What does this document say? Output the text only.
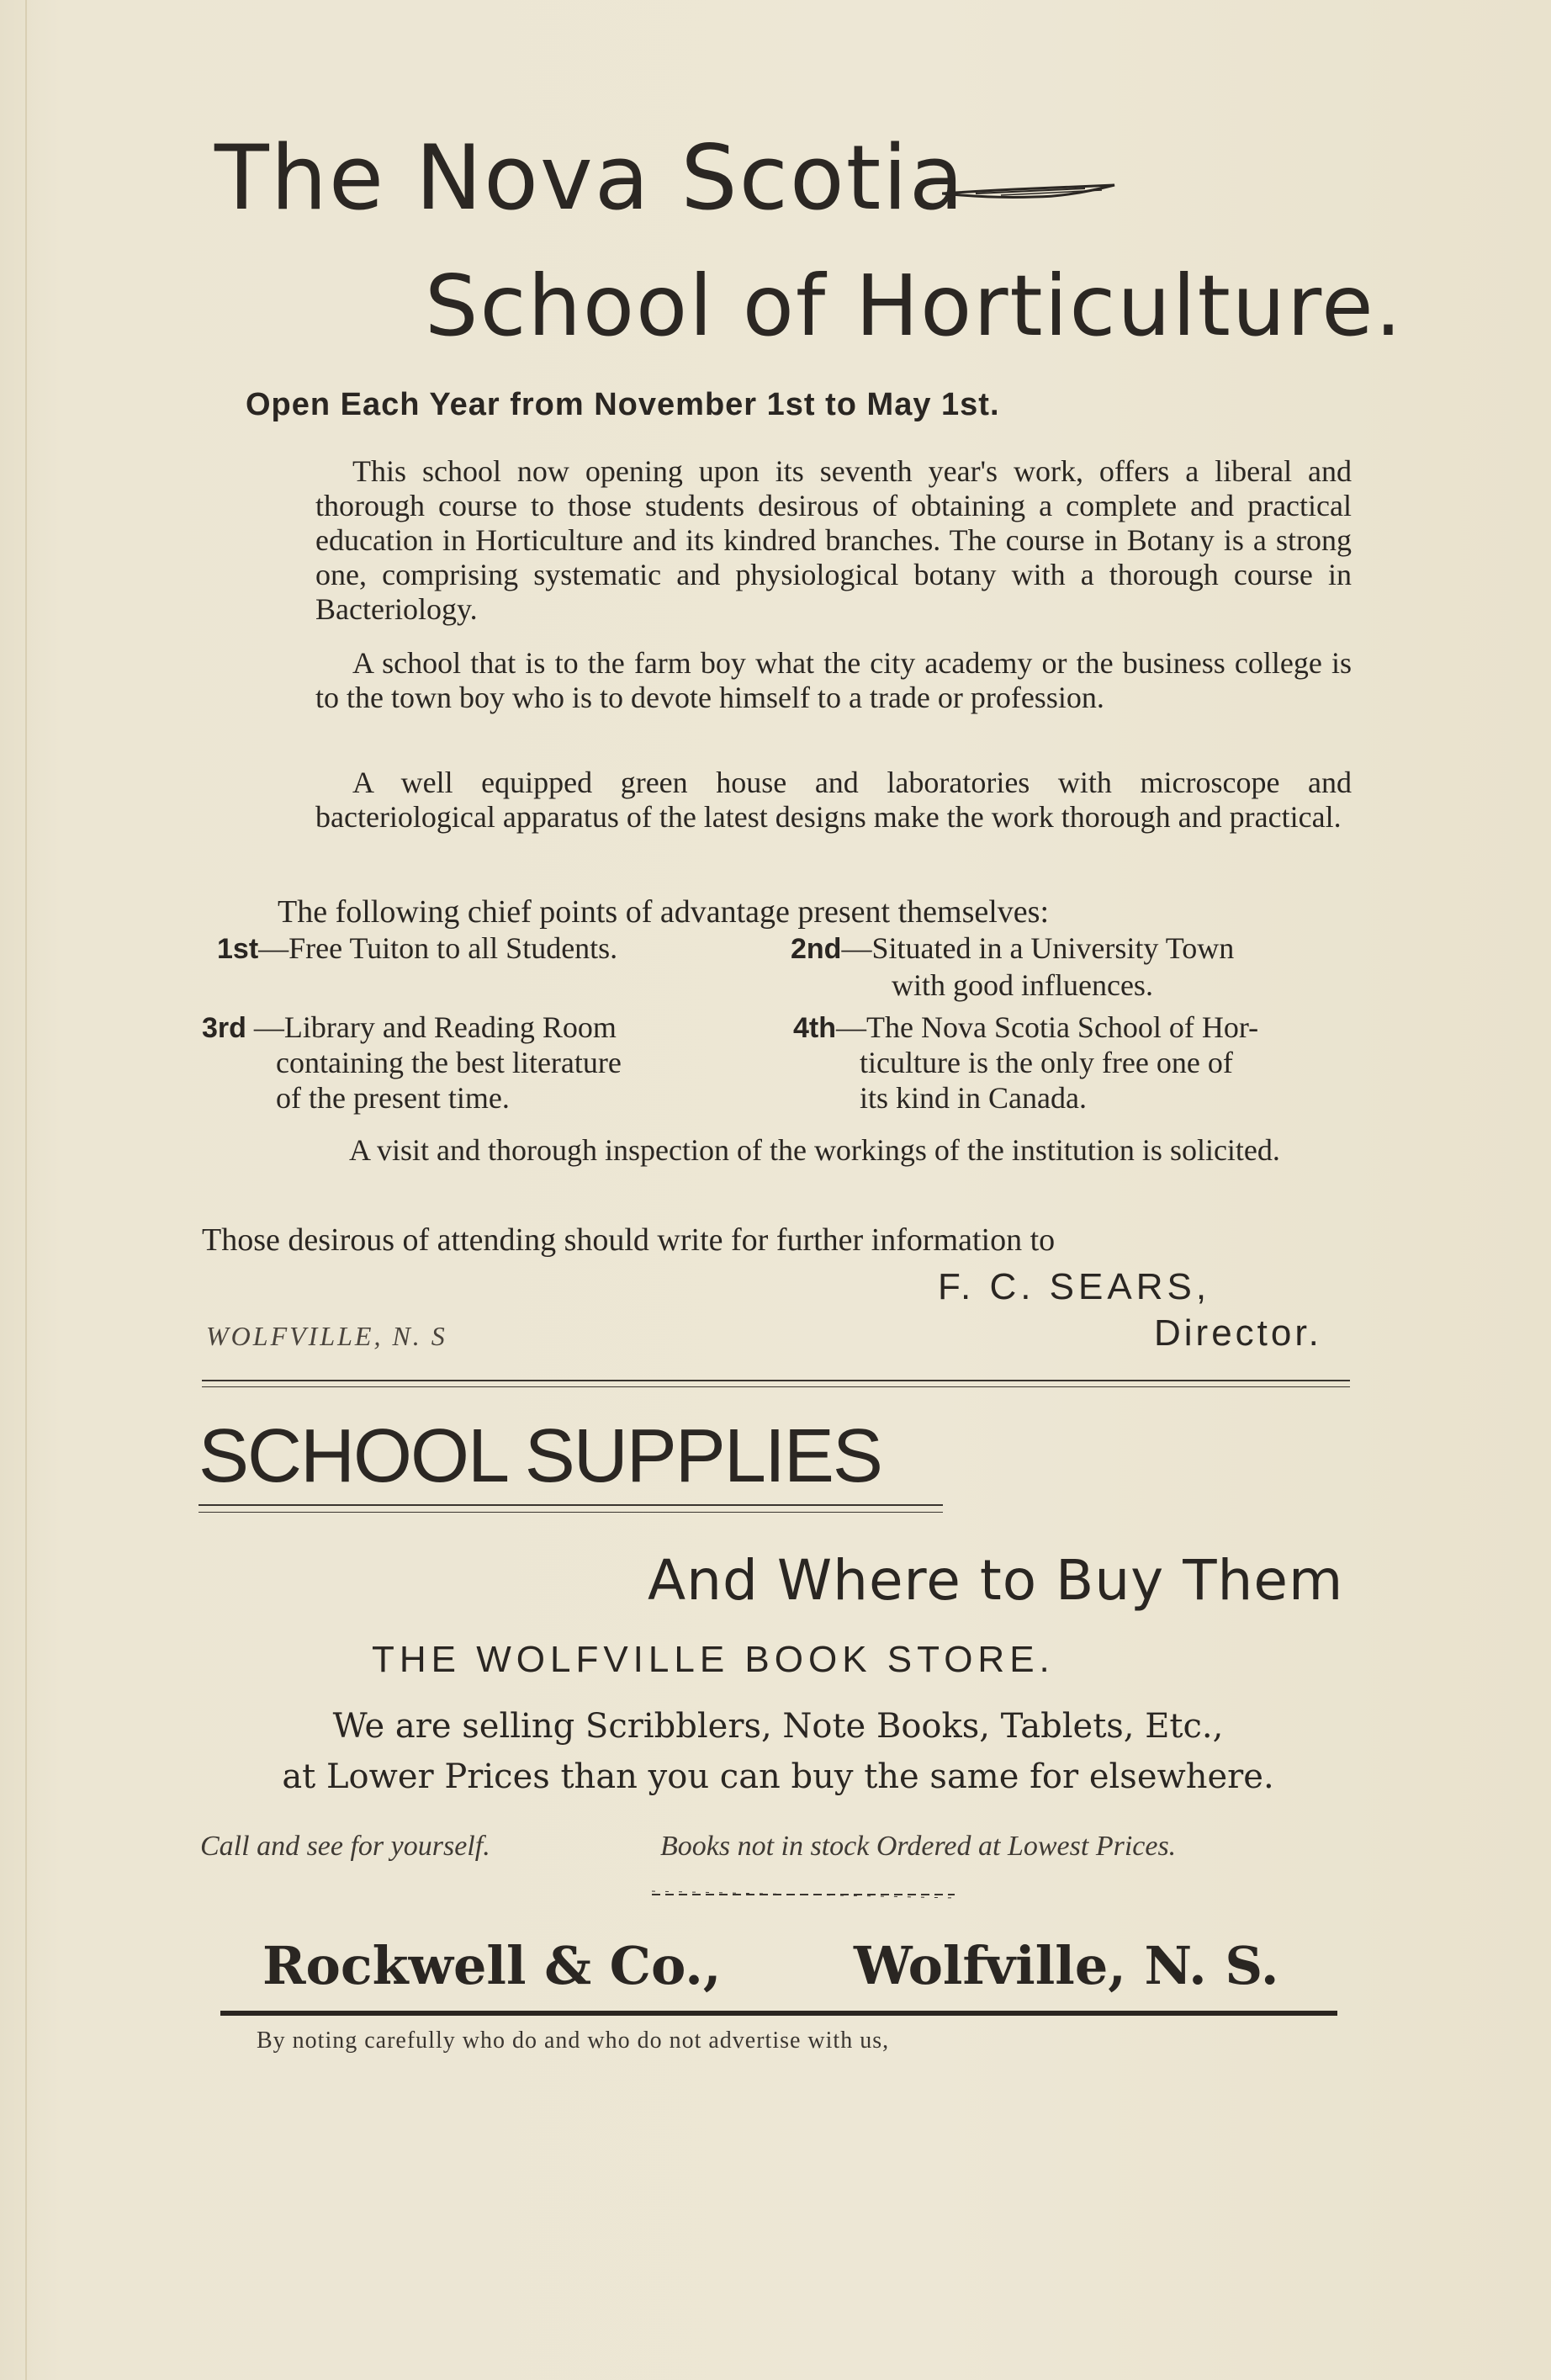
The Nova Scotia
School of Horticulture.
Open Each Year from November 1st to May 1st.
This school now opening upon its seventh year's work, offers a liberal and thorough course to those students desirous of obtaining a complete and practical education in Horticulture and its kindred branches. The course in Botany is a strong one, comprising systematic and physiological botany with a thorough course in Bacteriology.
A school that is to the farm boy what the city academy or the business college is to the town boy who is to devote himself to a trade or profession.
A well equipped green house and laboratories with microscope and bacteriological apparatus of the latest designs make the work thorough and practical.
The following chief points of advantage present themselves:
1st—Free Tuiton to all Students.	2nd—Situated in a University Town
with good influences.
3rd —Library and Reading Room
containing the best literature
of the present time.
4th—The Nova Scotia School of Hor-
ticulture is the only free one of
its kind in Canada.
A visit and thorough inspection of the workings of the institution is solicited.
Those desirous of attending should write for further information to
F. C. SEARS,
WOLFVILLE, N. S	Director.
SCHOOL SUPPLIES
And Where to Buy Them
THE WOLFVILLE BOOK STORE.
We are selling Scribblers, Note Books, Tablets, Etc.,
at Lower Prices than you can buy the same for elsewhere.
Call and see for yourself.	Books not in stock Ordered at Lowest Prices.
Rockwell & Co.,	Wolfville, N. S.
By noting carefully who do and who do not advertise with us,
